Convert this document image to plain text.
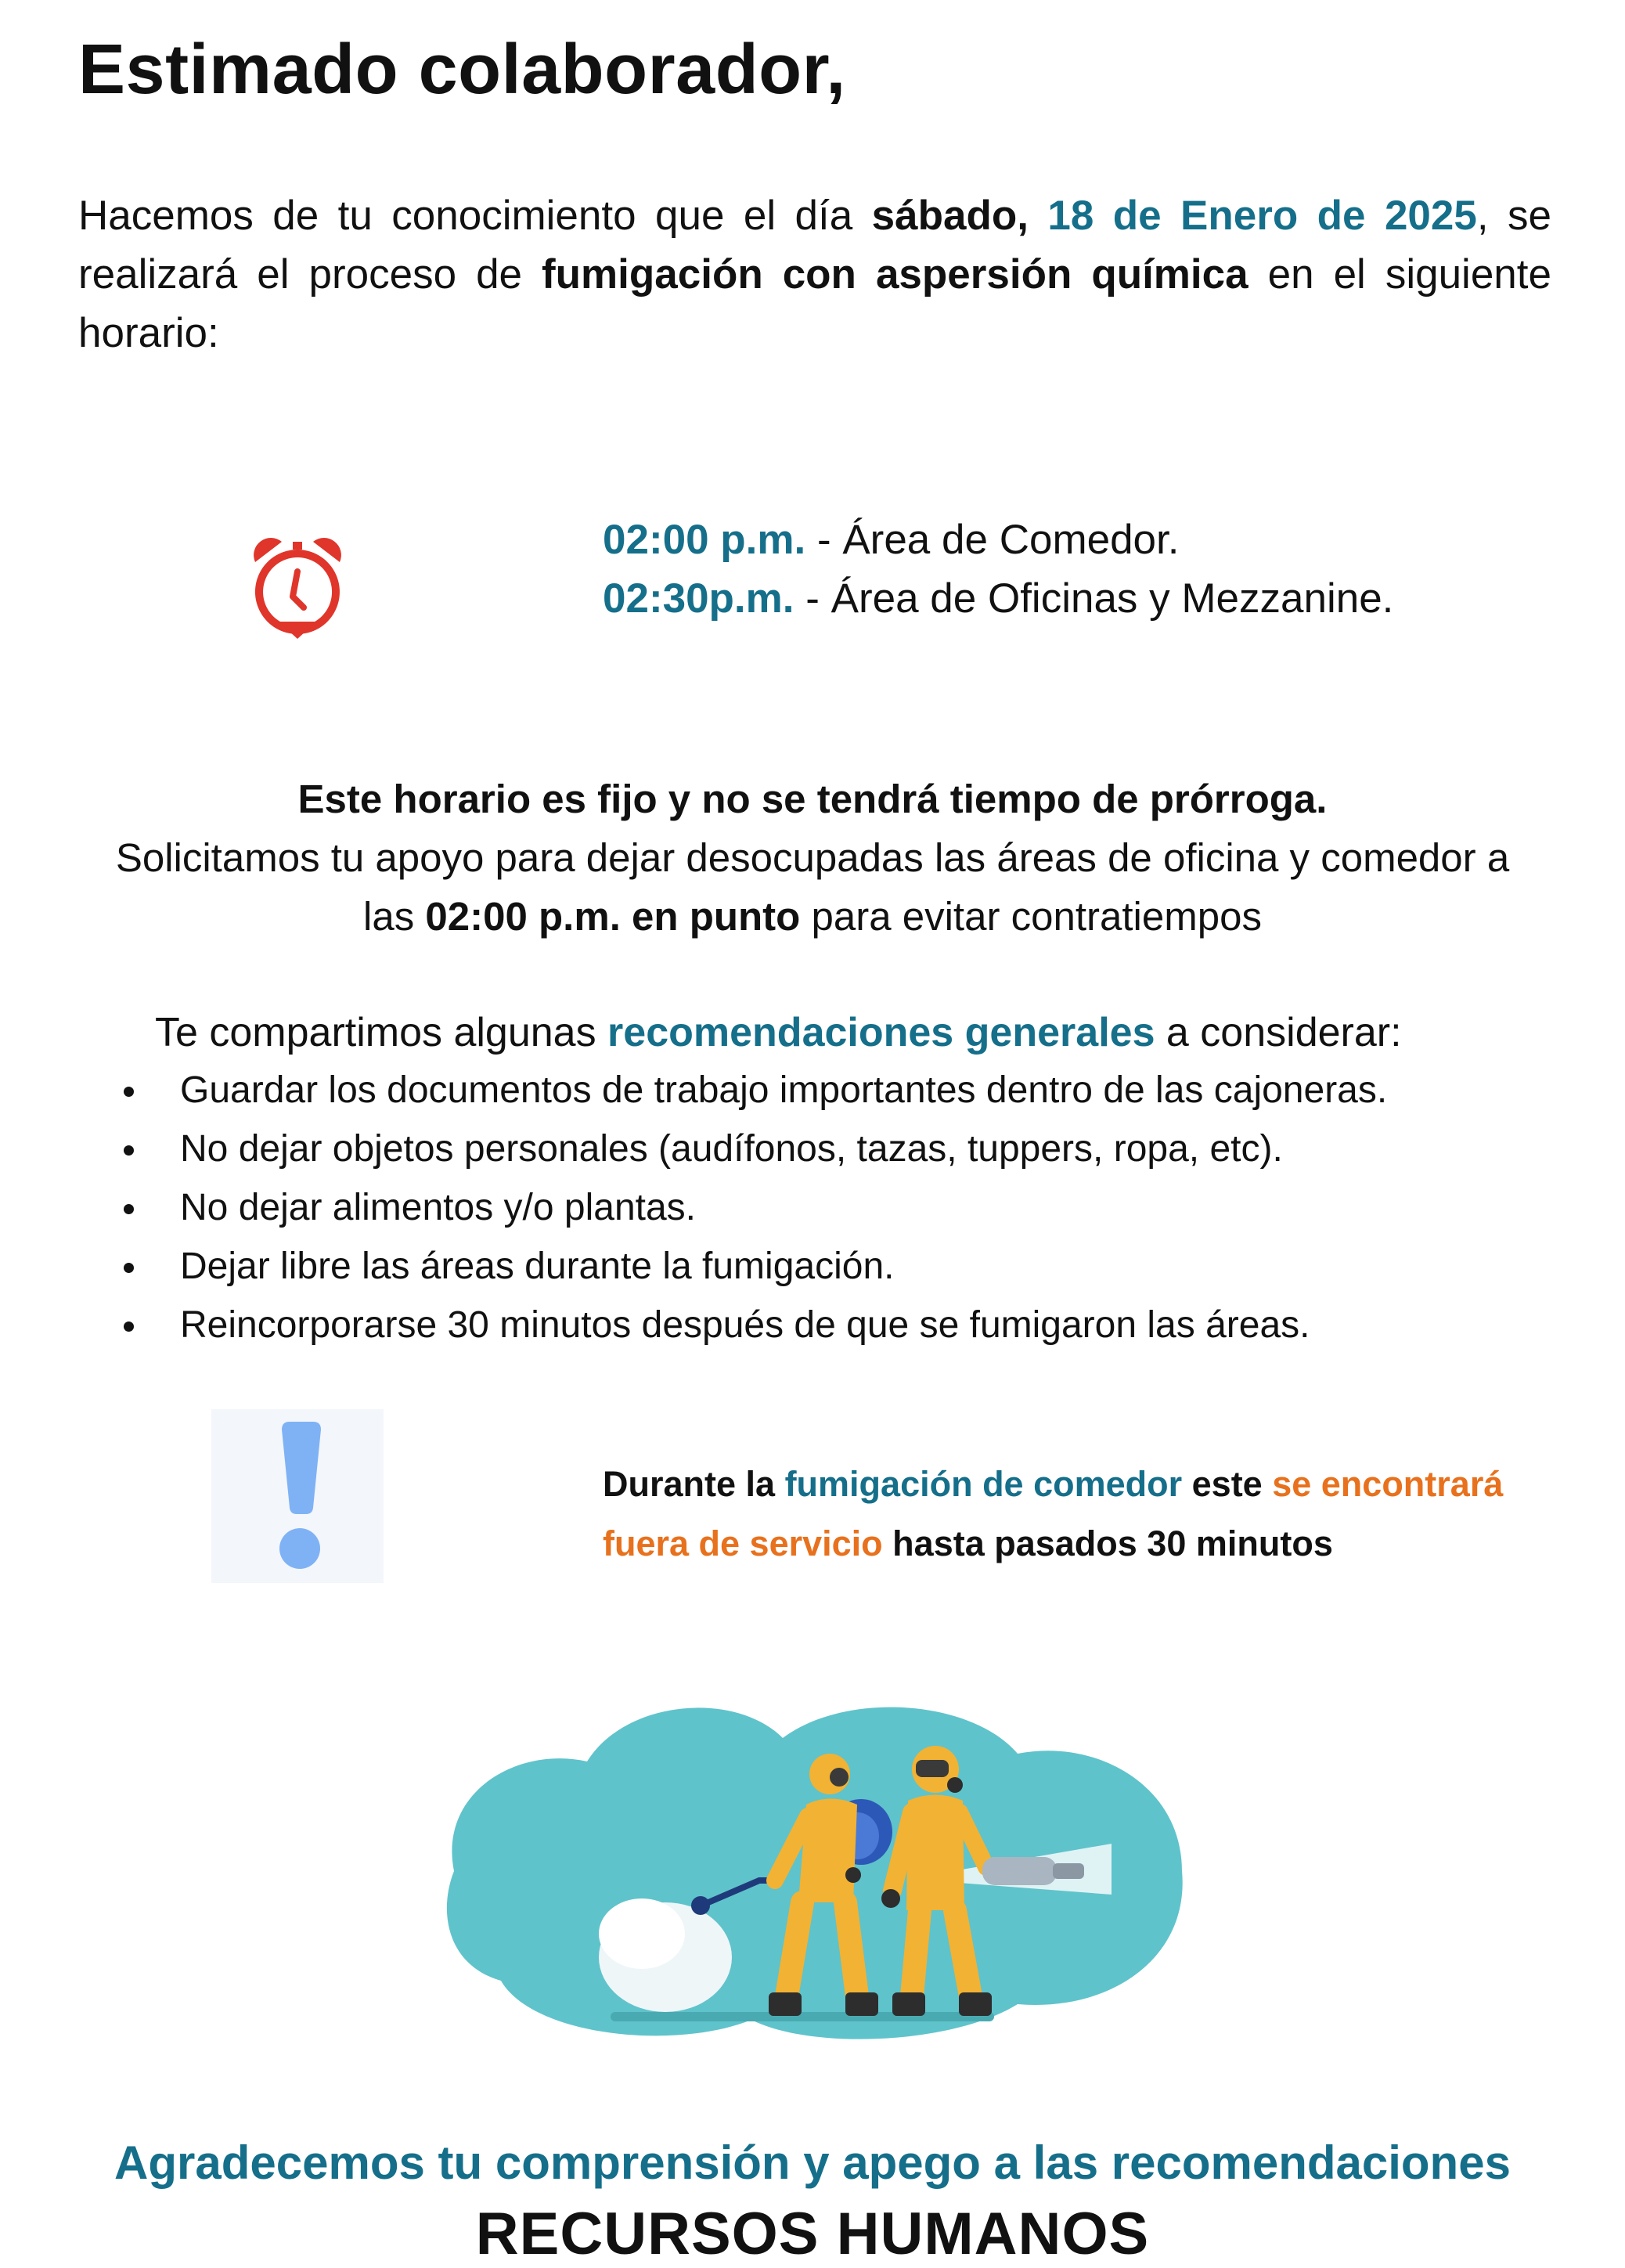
Estimado colaborador,
Hacemos de tu conocimiento que el día sábado, 18 de Enero de 2025, se realizará el proceso de fumigación con aspersión química en el siguiente horario:
02:00 p.m. - Área de Comedor.
02:30p.m. - Área de Oficinas y Mezzanine.
Este horario es fijo y no se tendrá tiempo de prórroga.
Solicitamos tu apoyo para dejar desocupadas las áreas de oficina y comedor a
las 02:00 p.m. en punto para evitar contratiempos
Te compartimos algunas recomendaciones generales a considerar:
Guardar los documentos de trabajo importantes dentro de las cajoneras.
No dejar objetos personales (audífonos, tazas, tuppers, ropa, etc).
No dejar alimentos y/o plantas.
Dejar libre las áreas durante la fumigación.
Reincorporarse 30 minutos después de que se fumigaron las áreas.
Durante la fumigación de comedor este se encontrará fuera de servicio hasta pasados 30 minutos
Agradecemos tu comprensión y apego a las recomendaciones
RECURSOS HUMANOS
